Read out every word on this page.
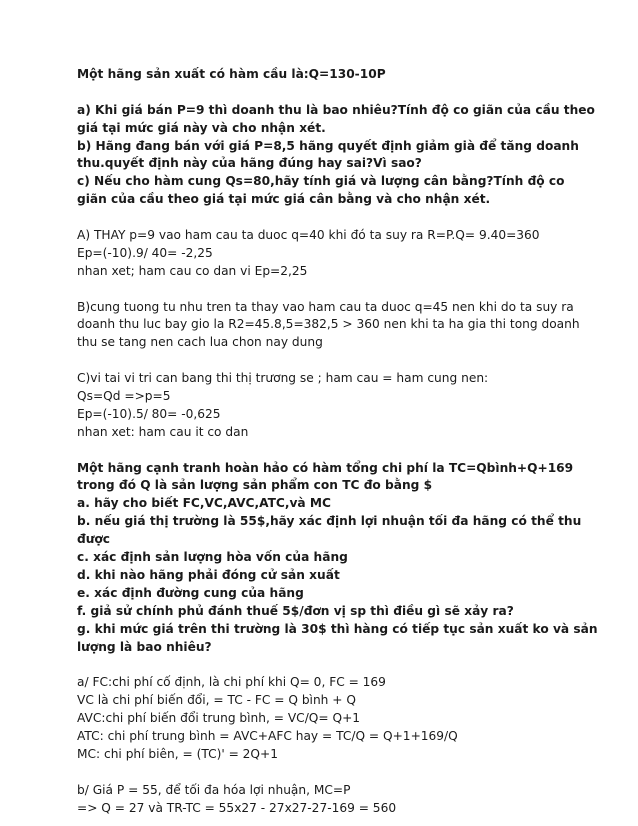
Một hãng sản xuất có hàm cầu là:Q=130-10P
a) Khi giá bán P=9 thì doanh thu là bao nhiêu?Tính độ co giãn của cầu theo
giá tại mức giá này và cho nhận xét.
b) Hãng đang bán với giá P=8,5 hãng quyết định giảm già để tăng doanh
thu.quyết định này của hãng đúng hay sai?Vì sao?
c) Nếu cho hàm cung Qs=80,hãy tính giá và lượng cân bằng?Tính độ co
giãn của cầu theo giá tại mức giá cân bằng và cho nhận xét.
A) THAY p=9 vao ham cau ta duoc q=40 khi đó ta suy ra R=P.Q= 9.40=360
Ep=(-10).9/ 40= -2,25
nhan xet; ham cau co dan vi Ep=2,25
B)cung tuong tu nhu tren ta thay vao ham cau ta duoc q=45 nen khi do ta suy ra
doanh thu luc bay gio la R2=45.8,5=382,5 > 360 nen khi ta ha gia thi tong doanh
thu se tang nen cach lua chon nay dung
C)vi tai vi tri can bang thi thị trương se ; ham cau = ham cung nen:
Qs=Qd =>p=5
Ep=(-10).5/ 80= -0,625
nhan xet: ham cau it co dan
Một hãng cạnh tranh hoàn hảo có hàm tổng chi phí la TC=Qbình+Q+169
trong đó Q là sản lượng sản phẩm con TC đo bằng $
a. hãy cho biết FC,VC,AVC,ATC,và MC
b. nếu giá thị trường là 55$,hãy xác định lợi nhuận tối đa hãng có thể thu
được
c. xác định sản lượng hòa vốn của hãng
d. khi nào hãng phải đóng cử sản xuất
e. xác định đường cung của hãng
f. giả sử chính phủ đánh thuế 5$/đơn vị sp thì điều gì sẽ xảy ra?
g. khi mức giá trên thi trường là 30$ thì hàng có tiếp tục sản xuất ko và sản
lượng là bao nhiêu?
a/ FC:chi phí cố định, là chi phí khi Q= 0, FC = 169
VC là chi phí biến đổi, = TC - FC = Q bình + Q
AVC:chi phí biến đổi trung bình, = VC/Q= Q+1
ATC: chi phí trung bình = AVC+AFC hay = TC/Q = Q+1+169/Q
MC: chi phí biên, = (TC)' = 2Q+1
b/ Giá P = 55, để tối đa hóa lợi nhuận, MC=P
=> Q = 27 và TR-TC = 55x27 - 27x27-27-169 = 560
